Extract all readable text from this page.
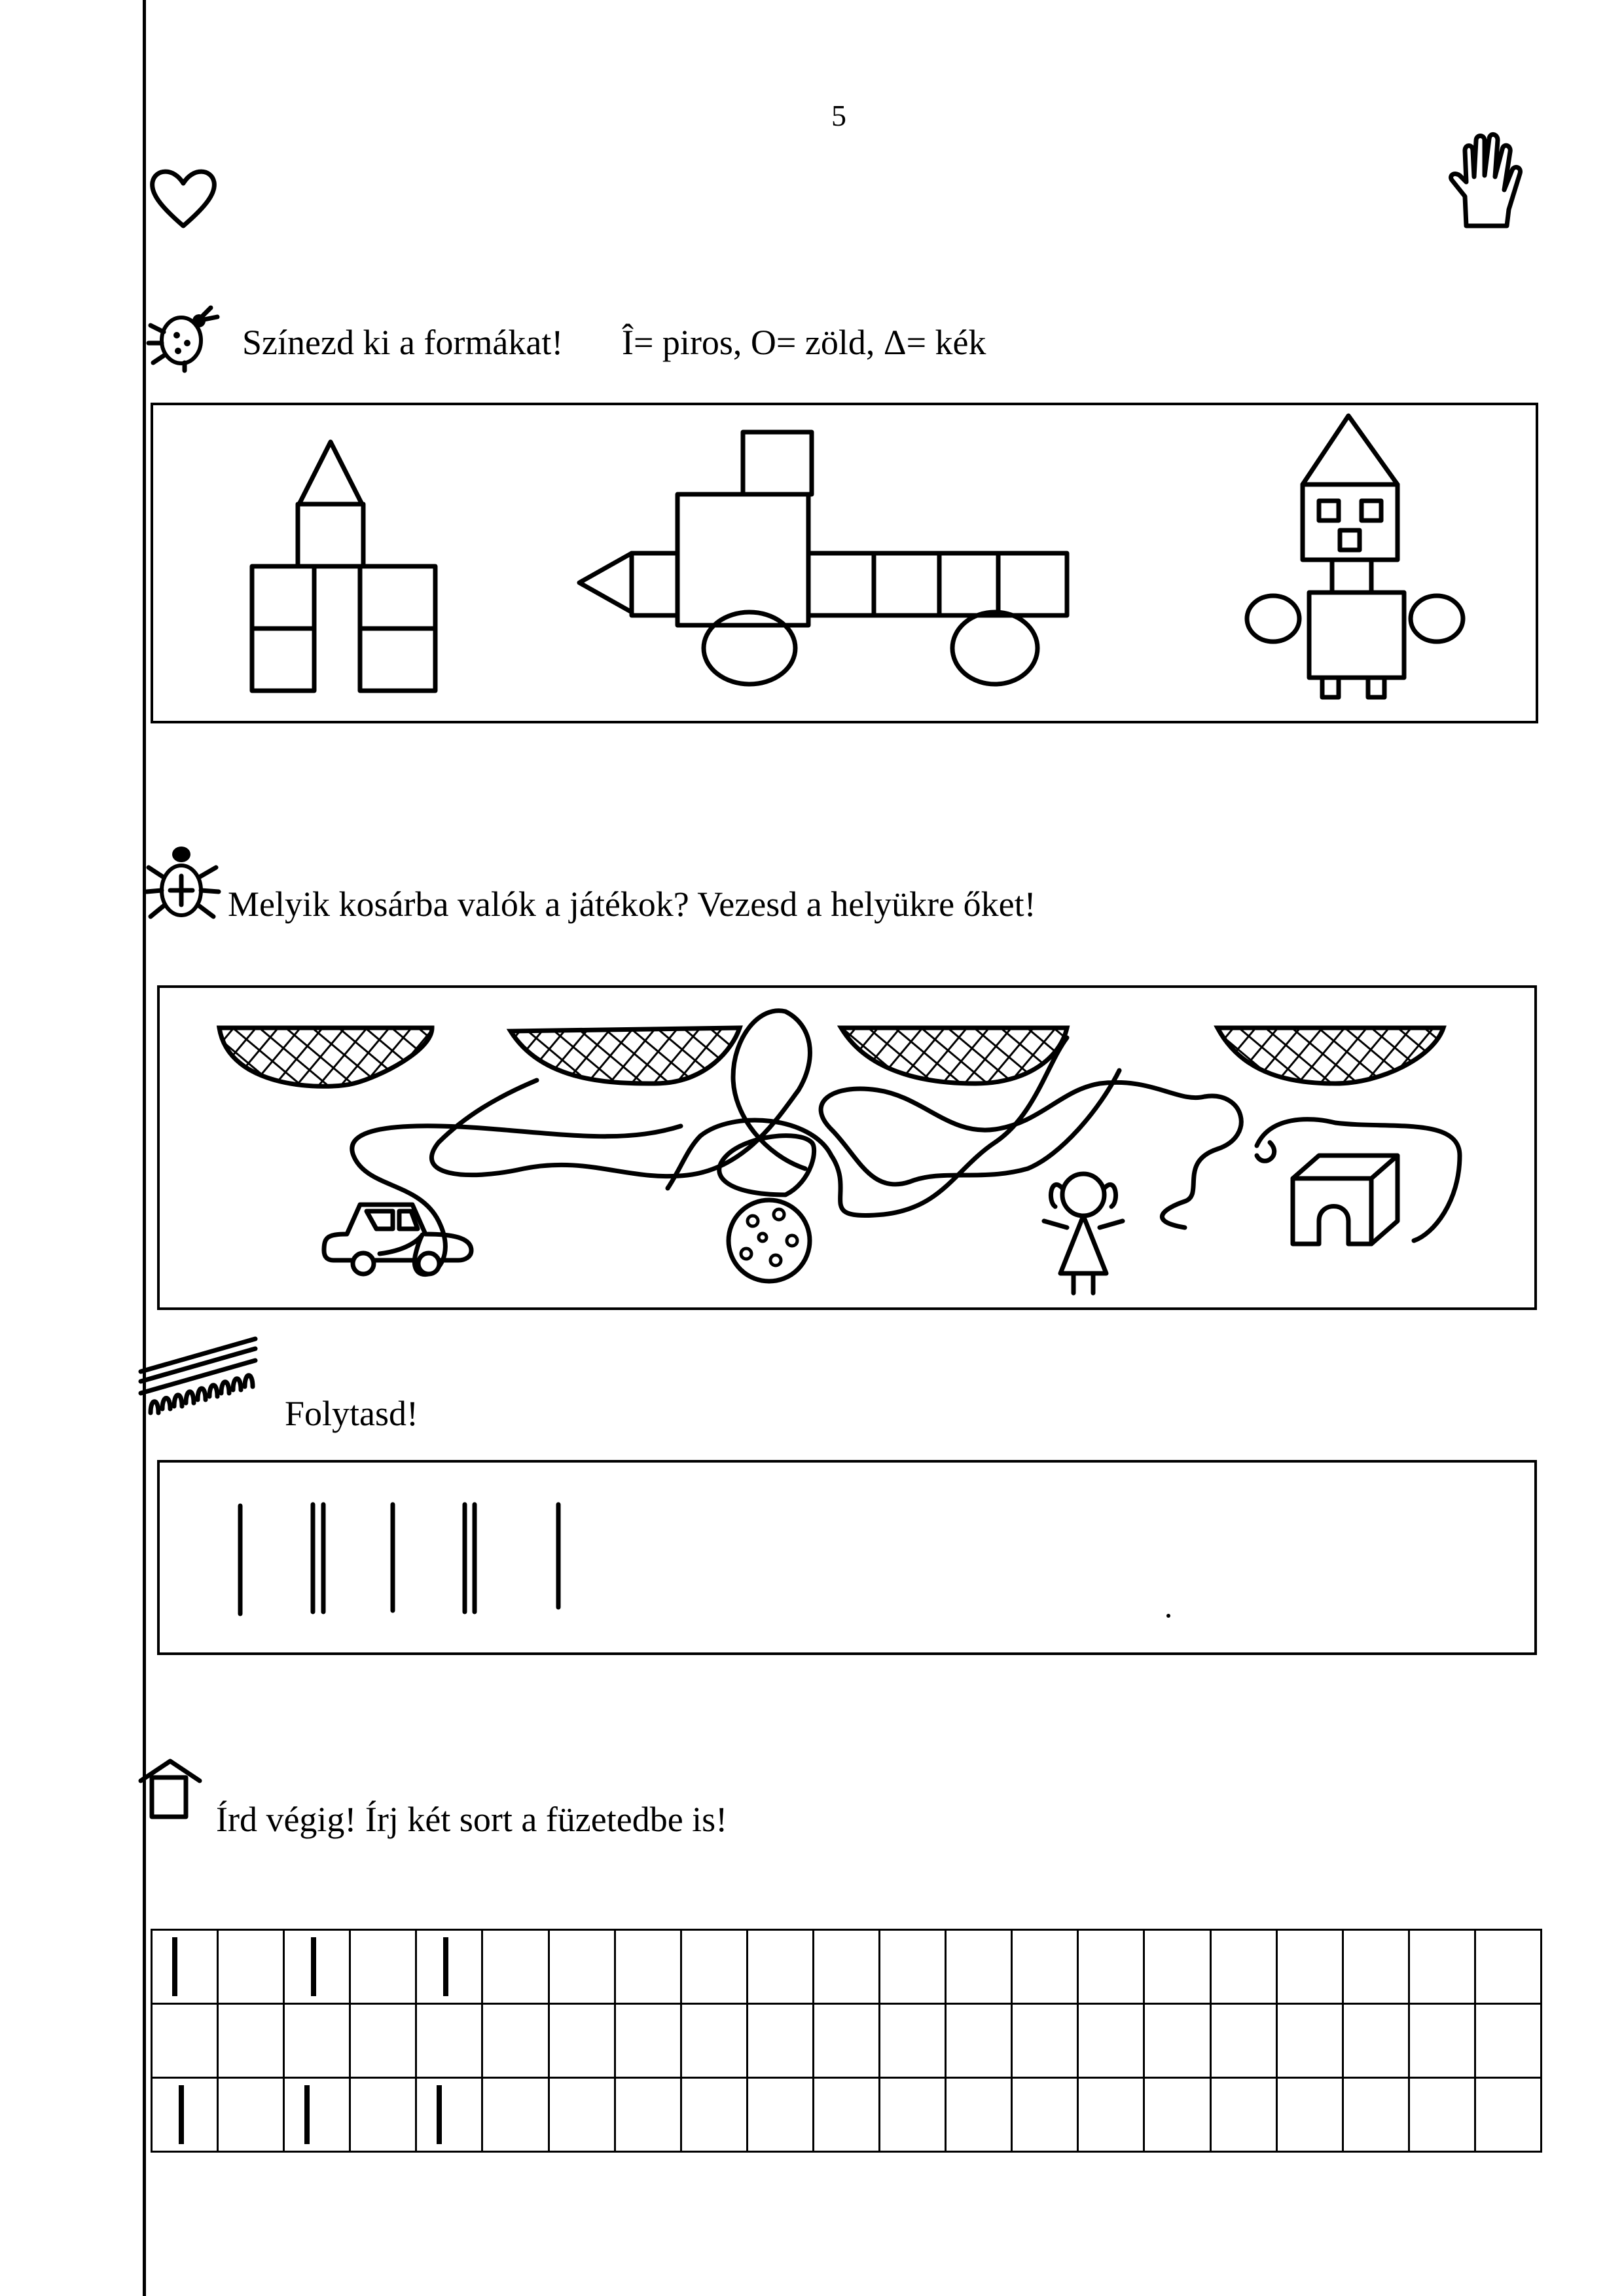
5
Színezd ki a formákat! Î= piros, O= zöld, Δ= kék
Melyik kosárba valók a játékok? Vezesd a helyükre őket!
Folytasd!
Írd végig! Írj két sort a füzetedbe is!
